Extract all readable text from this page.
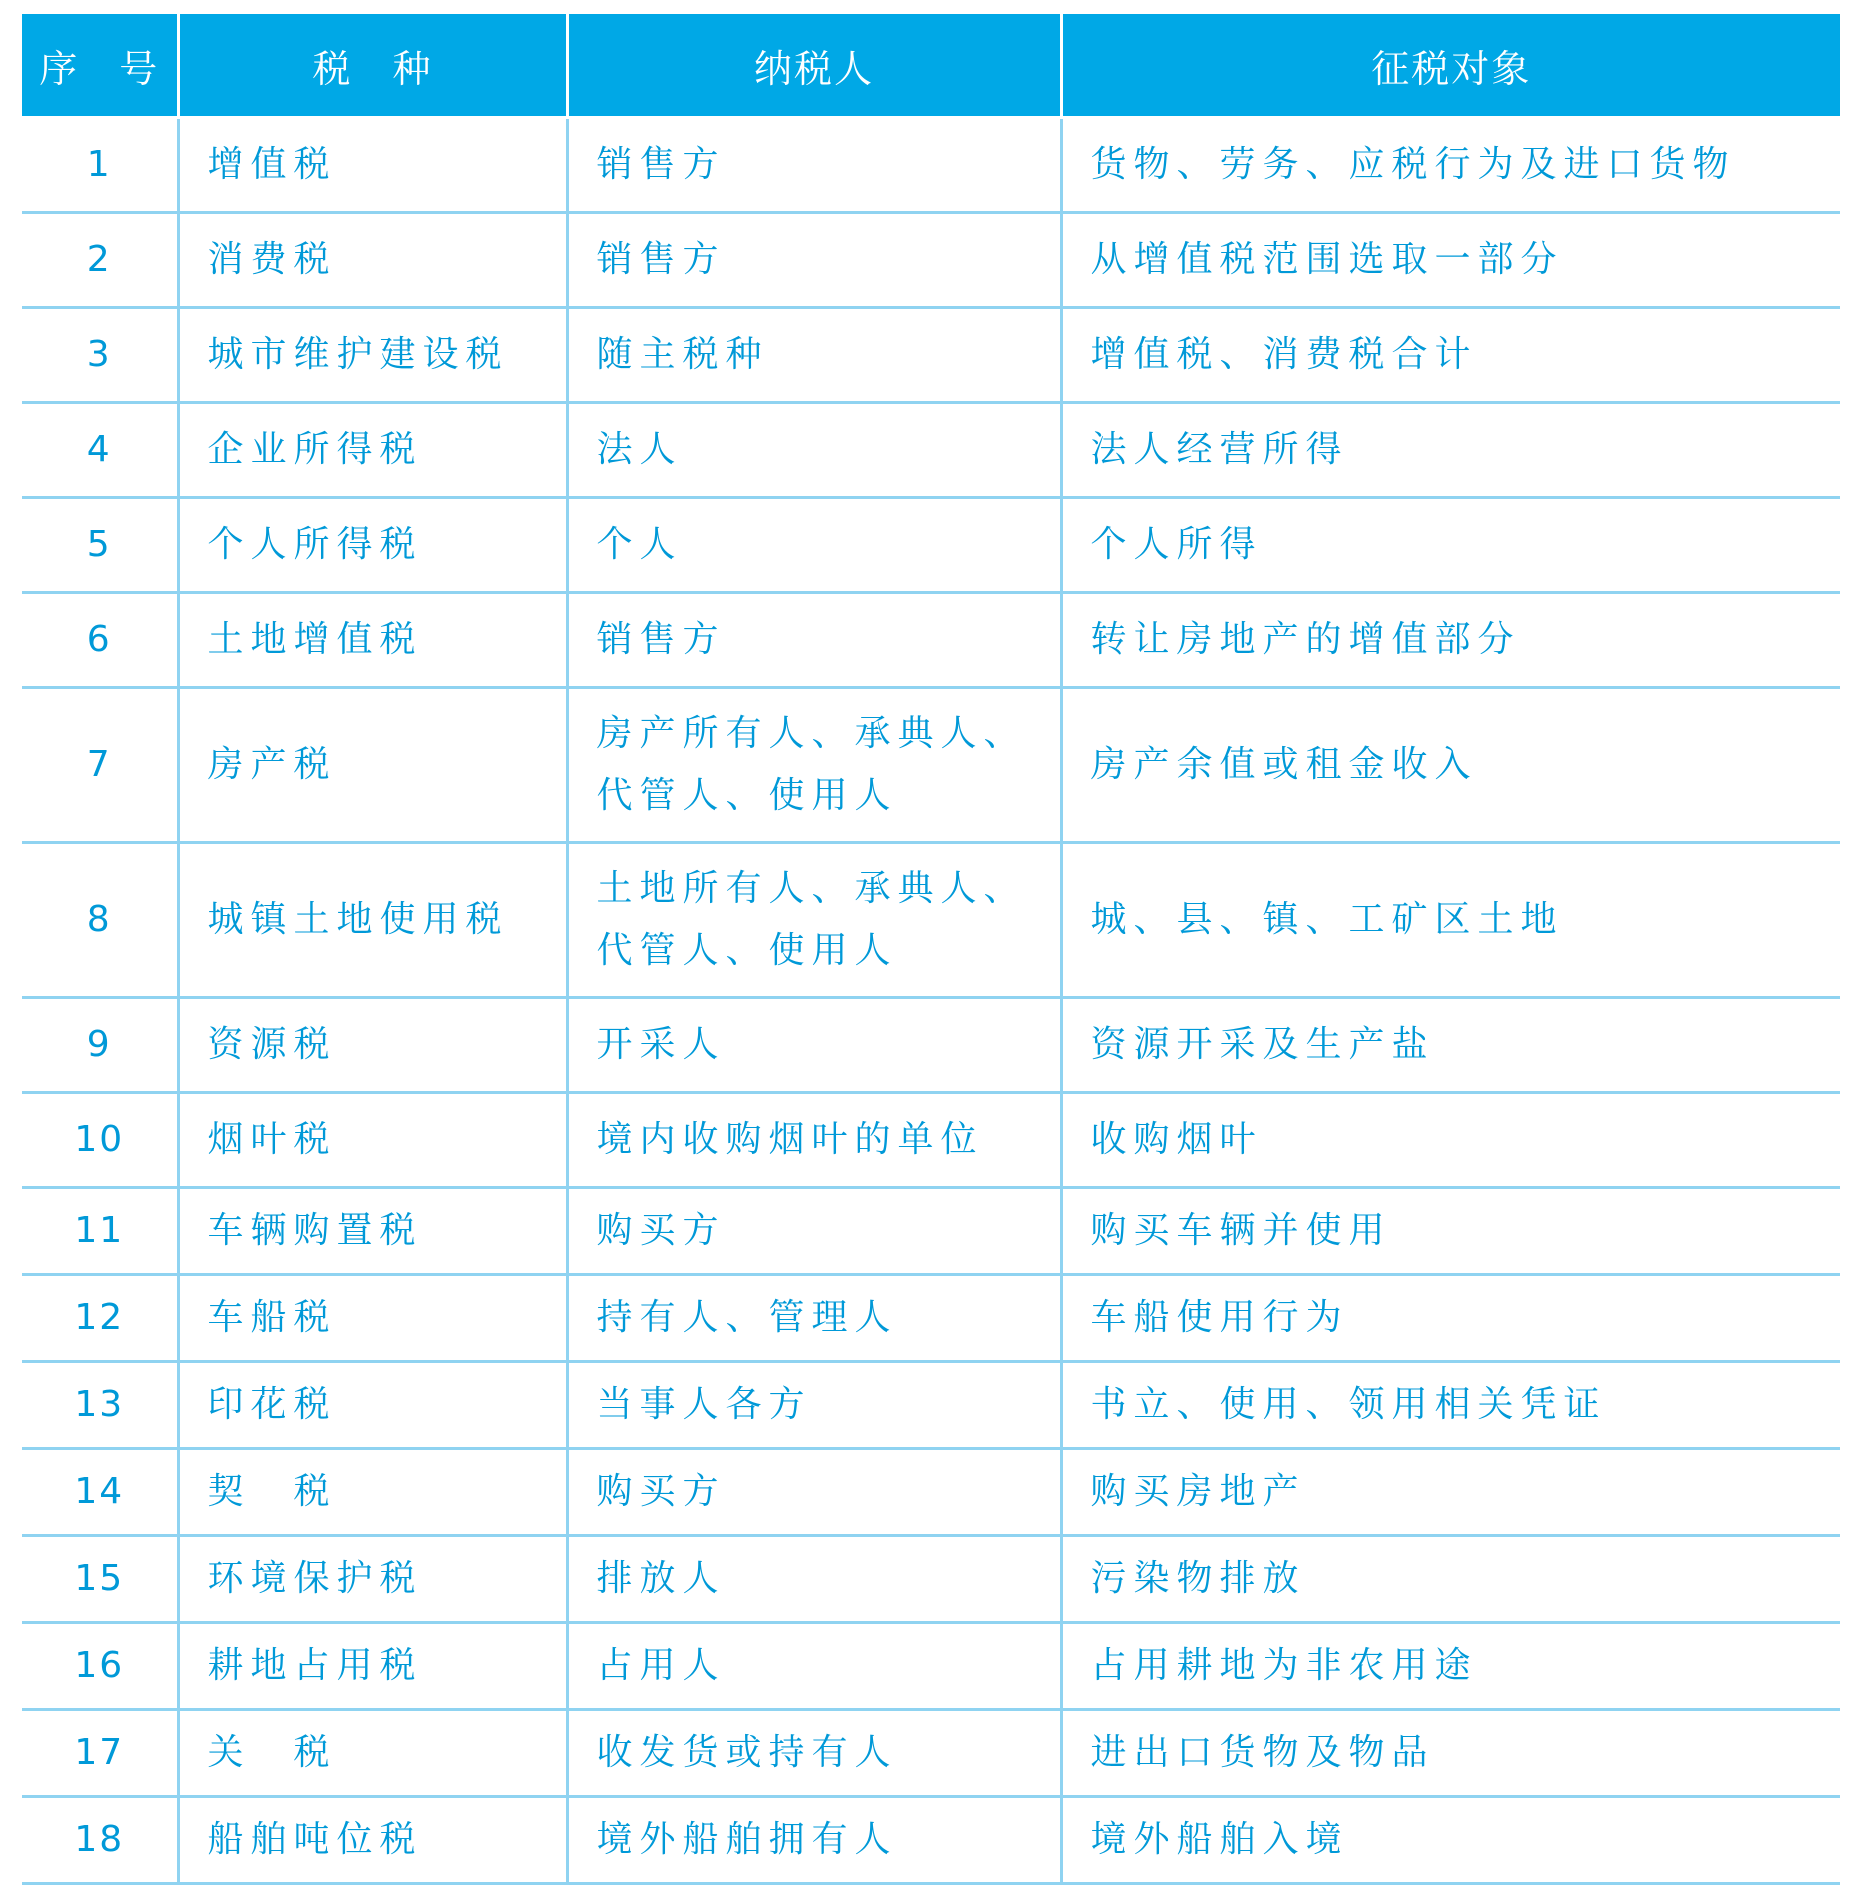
序　号	税　种	纳税人	征税对象
1	增值税	销售方	货物、劳务、应税行为及进口货物
2	消费税	销售方	从增值税范围选取一部分
3	城市维护建设税	随主税种	增值税、消费税合计
4	企业所得税	法人	法人经营所得
5	个人所得税	个人	个人所得
6	土地增值税	销售方	转让房地产的增值部分
7	房产税	房产所有人、承典人、代管人、使用人	房产余值或租金收入
8	城镇土地使用税	土地所有人、承典人、代管人、使用人	城、县、镇、工矿区土地
9	资源税	开采人	资源开采及生产盐
10	烟叶税	境内收购烟叶的单位	收购烟叶
11	车辆购置税	购买方	购买车辆并使用
12	车船税	持有人、管理人	车船使用行为
13	印花税	当事人各方	书立、使用、领用相关凭证
14	契　税	购买方	购买房地产
15	环境保护税	排放人	污染物排放
16	耕地占用税	占用人	占用耕地为非农用途
17	关　税	收发货或持有人	进出口货物及物品
18	船舶吨位税	境外船舶拥有人	境外船舶入境
